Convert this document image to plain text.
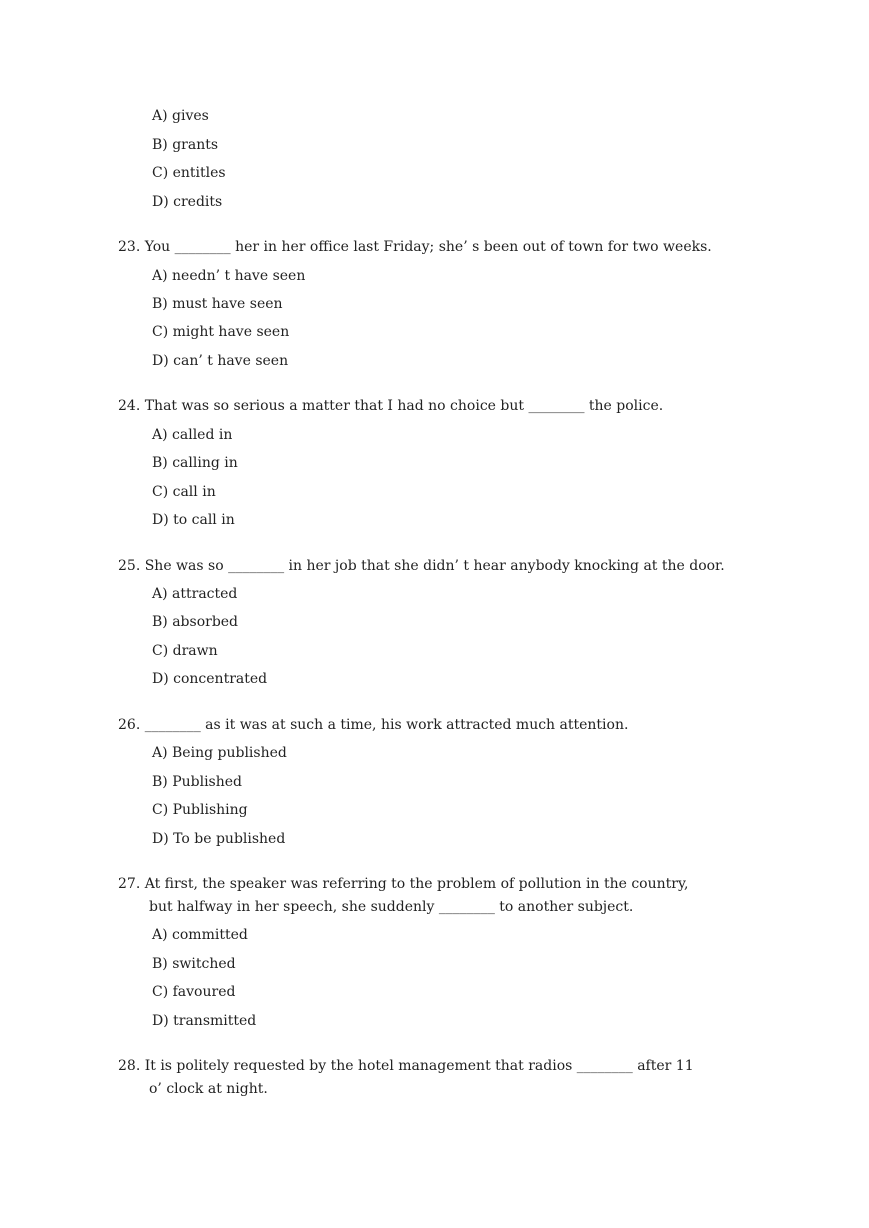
A) gives
B) grants
C) entitles
D) credits
23. You ________ her in her office last Friday; she’ s been out of town for two weeks.
A) needn’ t have seen
B) must have seen
C) might have seen
D) can’ t have seen
24. That was so serious a matter that I had no choice but ________ the police.
A) called in
B) calling in
C) call in
D) to call in
25. She was so ________ in her job that she didn’ t hear anybody knocking at the door.
A) attracted
B) absorbed
C) drawn
D) concentrated
26. ________ as it was at such a time, his work attracted much attention.
A) Being published
B) Published
C) Publishing
D) To be published
27. At first, the speaker was referring to the problem of pollution in the country,
but halfway in her speech, she suddenly ________ to another subject.
A) committed
B) switched
C) favoured
D) transmitted
28. It is politely requested by the hotel management that radios ________ after 11
o’ clock at night.
